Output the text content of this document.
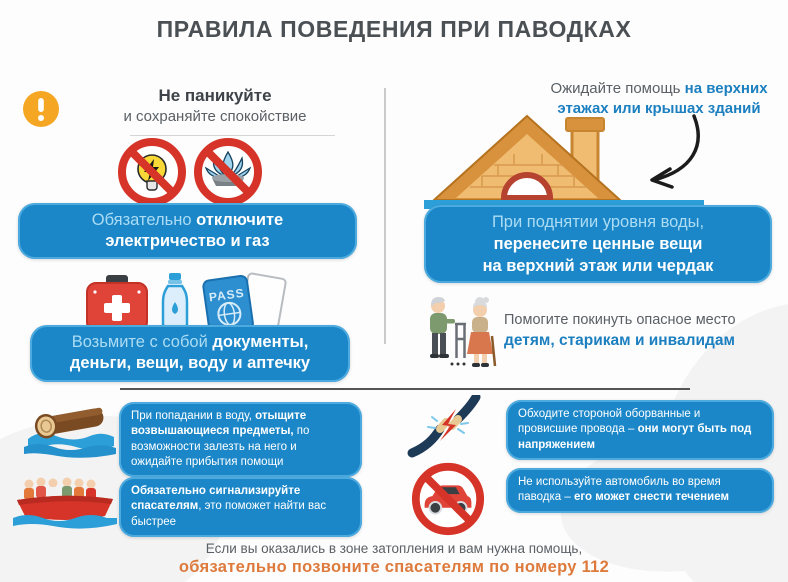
ПРАВИЛА ПОВЕДЕНИЯ ПРИ ПАВОДКАХ
Не паникуйте
и сохраняйте спокойствие
Обязательно отключите
электричество и газ
PASS
Возьмите с собой документы,
деньги, вещи, воду и аптечку
Ожидайте помощь на верхних
этажах или крышах зданий
При поднятии уровня воды,
перенесите ценные вещи
на верхний этаж или чердак
Помогите покинуть опасное место
детям, старикам и инвалидам
При попадании в воду, отыщите возвышающиеся предметы, по возможности залезть на него и ожидайте прибытия помощи
Обязательно сигнализируйте спасателям, это поможет найти вас быстрее
Обходите стороной оборванные и провисшие провода – они могут быть под напряжением
Не используйте автомобиль во время паводка – его может снести течением
Если вы оказались в зоне затопления и вам нужна помощь,
обязательно позвоните спасателям по номеру 112
